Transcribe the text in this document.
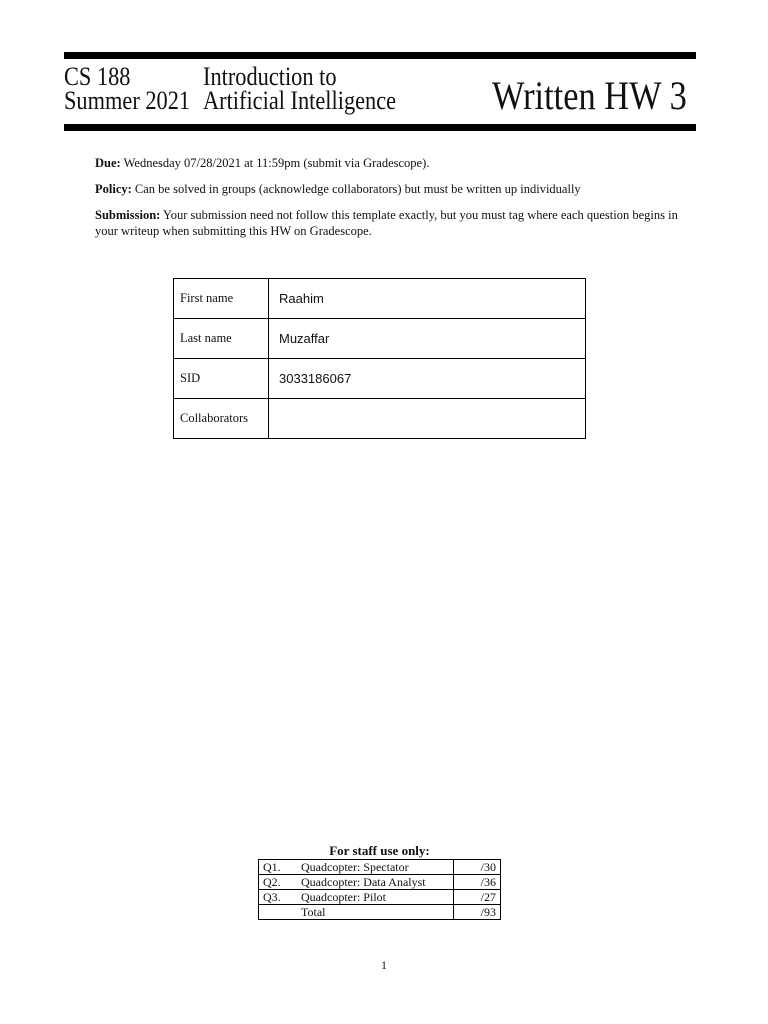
CS 188
Summer 2021
Introduction to
Artificial Intelligence Written HW 3
Due: Wednesday 07/28/2021 at 11:59pm (submit via Gradescope).
Policy: Can be solved in groups (acknowledge collaborators) but must be written up individually
Submission: Your submission need not follow this template exactly, but you must tag where each question begins in your writeup when submitting this HW on Gradescope.
First name	Raahim
Last name	Muzaffar
SID	3033186067
Collaborators	
For staff use only:
Q1.	Quadcopter: Spectator	/30
Q2.	Quadcopter: Data Analyst	/36
Q3.	Quadcopter: Pilot	/27
	Total	/93
1
